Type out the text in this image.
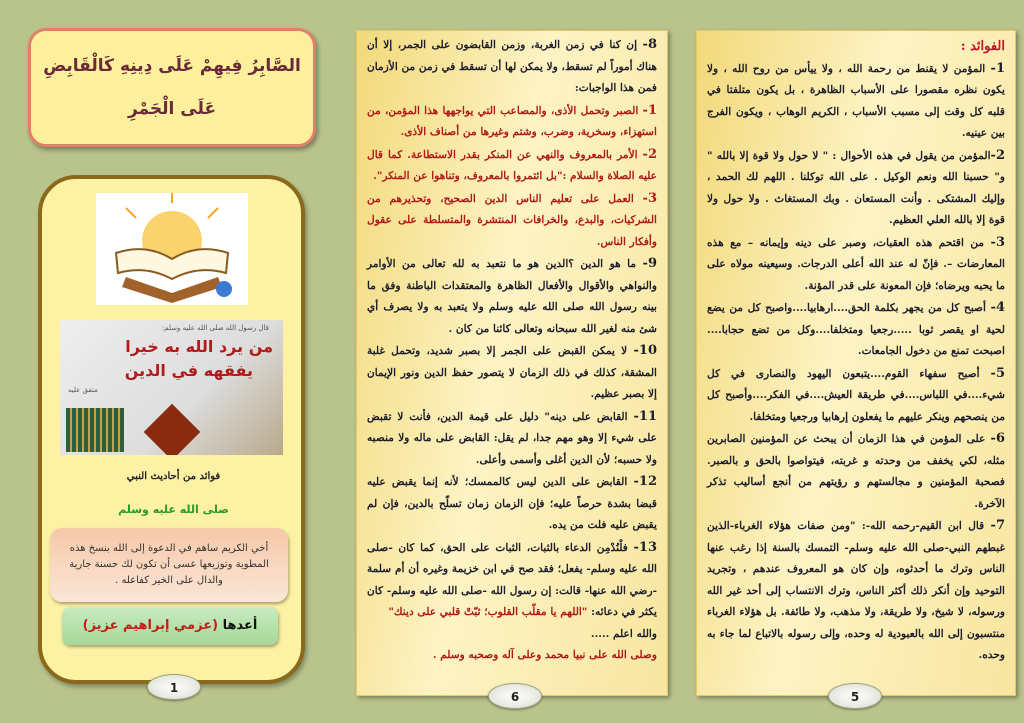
الصَّابِرُ فِيهِمْ عَلَى دِينِهِ كَالْقَابِضِ
عَلَى الْجَمْرِ
قال رسول الله صلى الله عليه وسلم:
من يرد الله به خيرا
يفقهه في الدين
متفق عليه
فوائد من أحاديث النبي
صلى الله عليه وسلم
أخي الكريم ساهم في الدعوة إلى الله بنسخ هذه المطوية وتوزيعها عسى أن تكون لك حسنة جارية والدال على الخير كفاعله .
أعدها (عزمي إبراهيم عزيز)
1

8- إن كنا في زمن الغربة، وزمن القابضون على الجمر، إلا أن هناك أموراً لم تسقط، ولا يمكن لها أن تسقط في زمن من الأزمان فمن هذا الواجبات:

1- الصبر وتحمل الأذى، والمصاعب التي يواجهها هذا المؤمن، من استهزاء، وسخرية، وضرب، وشتم وغيرها من أصناف الأذى.

2- الأمر بالمعروف والنهي عن المنكر بقدر الاستطاعة. كما قال عليه الصلاة والسلام :"بل ائتمروا بالمعروف، وتناهوا عن المنكر".

3- العمل على تعليم الناس الدين الصحيح، وتحذيرهم من الشركيات، والبدع، والخرافات المنتشرة والمتسلطة على عقول وأفكار الناس.

9- ما هو الدين ؟الدين هو ما نتعبد به لله تعالى من الأوامر والنواهي والأقوال والأفعال الظاهرة والمعتقدات الباطنة وفق ما بينه رسول الله صلى الله عليه وسلم ولا يتعبد به ولا يصرف أي شئ منه لغير الله سبحانه وتعالى كائنا من كان .

10- لا يمكن القبض على الجمر إلا بصبر شديد، وتحمل غلبة المشقة، كذلك في ذلك الزمان لا يتصور حفظ الدين ونور الإيمان إلا بصبر عظيم.

11- القابض على دينه" دليل على قيمة الدين، فأنت لا تقبض على شيء إلا وهو مهم جدا، لم يقل: القابض على ماله ولا منصبه ولا حسبه؛ لأن الدين أغلى وأسمى وأعلى.

12- القابض على الدين ليس كالممسك؛ لأنه إنما يقبض عليه قبضا بشدة حرصاً عليه؛ فإن الزمان زمان تسلّح بالدين، فإن لم يقبض عليه فلت من يده.

13- فلْنُدْمِن الدعاء بالثبات، الثبات على الحق، كما كان -صلى الله عليه وسلم- يفعل؛ فقد صح في ابن خزيمة وغيره أن أم سلمة -رضي الله عنها- قالت: إن رسول الله -صلى الله عليه وسلم- كان يكثر في دعائه: "اللهم يا مقلّب القلوب؛ ثبّتْ قلبي على دينك"

والله اعلم .....

وصلى الله على نبيا محمد وعلى آله وصحبه وسلم .

6

الفوائد :

1- المؤمن لا يقنط من رحمة الله ، ولا ييأس من روح الله ، ولا يكون نظره مقصورا على الأسباب الظاهرة ، بل يكون متلفتا في قلبه كل وقت إلى مسبب الأسباب ، الكريم الوهاب ، ويكون الفرج بين عينيه.

2-المؤمن من يقول في هذه الأحوال : " لا حول ولا قوة إلا بالله " و" حسبنا الله ونعم الوكيل . على الله توكلنا . اللهم لك الحمد ، وإليك المشتكى . وأنت المستعان . وبك المستغاث . ولا حول ولا قوة إلا بالله العلي العظيم.

3- من اقتحم هذه العقبات، وصبر على دينه وإيمانه – مع هذه المعارضات –. فإنّ له عند الله أعلى الدرجات. وسيعينه مولاه على ما يحبه ويرضاه؛ فإن المعونة على قدر المؤنة.

4- أصبح كل من يجهر بكلمة الحق....ارهابيا....واصبح كل من يضع لحية او يقصر ثوبا .....رجعيا ومتخلفا....وكل من تضع حجابا.... اصبحت تمنع من دخول الجامعات.

5- أصبح سفهاء القوم....يتبعون اليهود والنصارى في كل شيء....في اللباس....في طريقة العيش....في الفكر....وأصبح كل من ينصحهم وينكر عليهم ما يفعلون إرهابيا ورجعيا ومتخلفا.

6- على المؤمن في هذا الزمان أن يبحث عن المؤمنين الصابرين مثله، لكي يخفف من وحدته و غربته، فيتواصوا بالحق و بالصبر. فصحبة المؤمنين و مجالستهم و رؤيتهم من أنجع أساليب تذكر الآخرة.

7- قال ابن القيم-رحمه الله-: "ومن صفات هؤلاء الغرباء-الذين غبطهم النبي-صلى الله عليه وسلم- التمسك بالسنة إذا رغب عنها الناس وترك ما أحدثوه، وإن كان هو المعروف عندهم ، وتجريد التوحيد وإن أنكر ذلك أكثر الناس، وترك الانتساب إلى أحد غير الله ورسوله، لا شيخ، ولا طريقة، ولا مذهب، ولا طائفة. بل هؤلاء الغرباء منتسبون إلى الله بالعبودية له وحده، وإلى رسوله بالاتباع لما جاء به وحده.

5
